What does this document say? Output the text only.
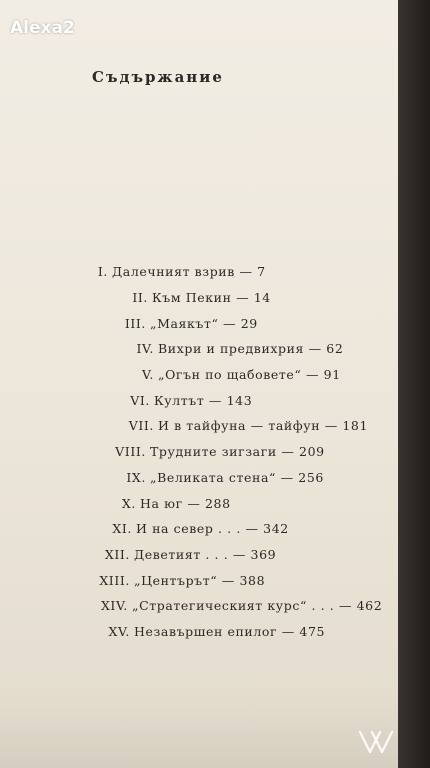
Alexa2
Съдържание
I. Далечният взрив — 7
II. Към Пекин — 14
III. „Маякът“ — 29
IV. Вихри и предвихрия — 62
V. „Огън по щабовете“ — 91
VI. Култът — 143
VII. И в тайфуна — тайфун — 181
VIII. Трудните зигзаги — 209
IX. „Великата стена“ — 256
X. На юг — 288
XI. И на север . . . — 342
XII. Деветият . . . — 369
XIII. „Центърът“ — 388
XIV. „Стратегическият курс“ . . . — 462
XV. Незавършен епилог — 475
